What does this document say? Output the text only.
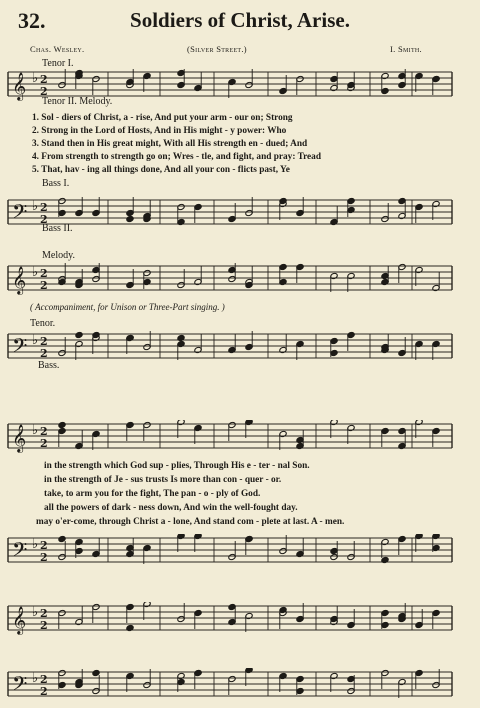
32.	Soldiers of Christ, Arise.
Chas. Wesley.	(Silver Street.)	I. Smith.
𝄞 ♭ 2
2
𝄢 ♭ 2
2
𝄞 ♭ 2
2
𝄢 ♭ 2
2
𝄞 ♭ 2
2
𝄢 ♭ 2
2
𝄞 ♭ 2
2
𝄢 ♭ 2
2
Tenor I.
Tenor II. Melody.
Bass I.
Bass II.
Melody.
( Accompaniment, for Unison or Three-Part singing. )
Tenor.
Bass.
1. Sol - diers of Christ, a - rise, And put your arm - our on; Strong
2. Strong in the Lord of Hosts, And in His might - y power: Who
3. Stand then in His great might, With all His strength en - dued; And
4. From strength to strength go on; Wres - tle, and fight, and pray: Tread
5. That, hav - ing all things done, And all your con - flicts past, Ye
in the strength which God sup - plies, Through His e - ter - nal Son.
in the strength of Je - sus trusts Is more than con - quer - or.
take, to arm you for the fight, The pan - o - ply of God.
all the powers of dark - ness down, And win the well-fought day.
may o'er-come, through Christ a - lone, And stand com - plete at last. A - men.
